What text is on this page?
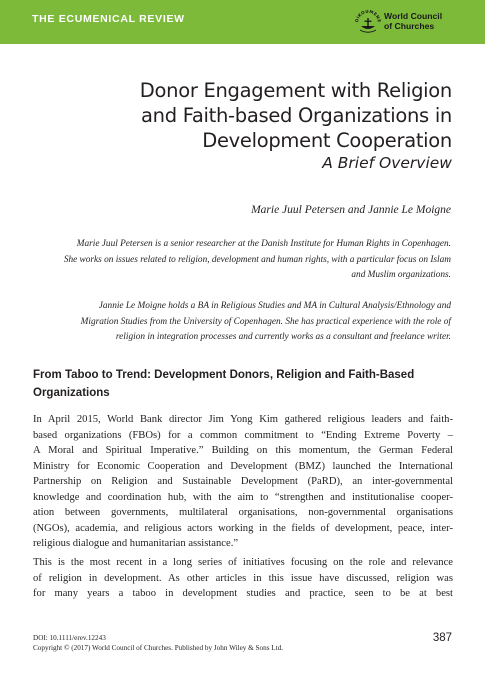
THE ECUMENICAL REVIEW	OIKOUMENE World Council
of Churches
Donor Engagement with Religion
and Faith-based Organizations in
Development Cooperation
A Brief Overview
Marie Juul Petersen and Jannie Le Moigne
Marie Juul Petersen is a senior researcher at the Danish Institute for Human Rights in Copenhagen.
She works on issues related to religion, development and human rights, with a particular focus on Islam
and Muslim organizations.
Jannie Le Moigne holds a BA in Religious Studies and MA in Cultural Analysis/Ethnology and
Migration Studies from the University of Copenhagen. She has practical experience with the role of
religion in integration processes and currently works as a consultant and freelance writer.
From Taboo to Trend: Development Donors, Religion and Faith-Based
Organizations

In April 2015, World Bank director Jim Yong Kim gathered religious leaders and faith-
based organizations (FBOs) for a common commitment to “Ending Extreme Poverty –
A Moral and Spiritual Imperative.” Building on this momentum, the German Federal
Ministry for Economic Cooperation and Development (BMZ) launched the International
Partnership on Religion and Sustainable Development (PaRD), an inter-governmental
knowledge and coordination hub, with the aim to “strengthen and institutionalise cooper-
ation between governments, multilateral organisations, non-governmental organisations
(NGOs), academia, and religious actors working in the fields of development, peace, inter-
religious dialogue and humanitarian assistance.”

This is the most recent in a long series of initiatives focusing on the role and relevance
of religion in development. As other articles in this issue have discussed, religion was
for many years a taboo in development studies and practice, seen to be at best

DOI: 10.1111/erev.12243
Copyright © (2017) World Council of Churches. Published by John Wiley & Sons Ltd.
387
